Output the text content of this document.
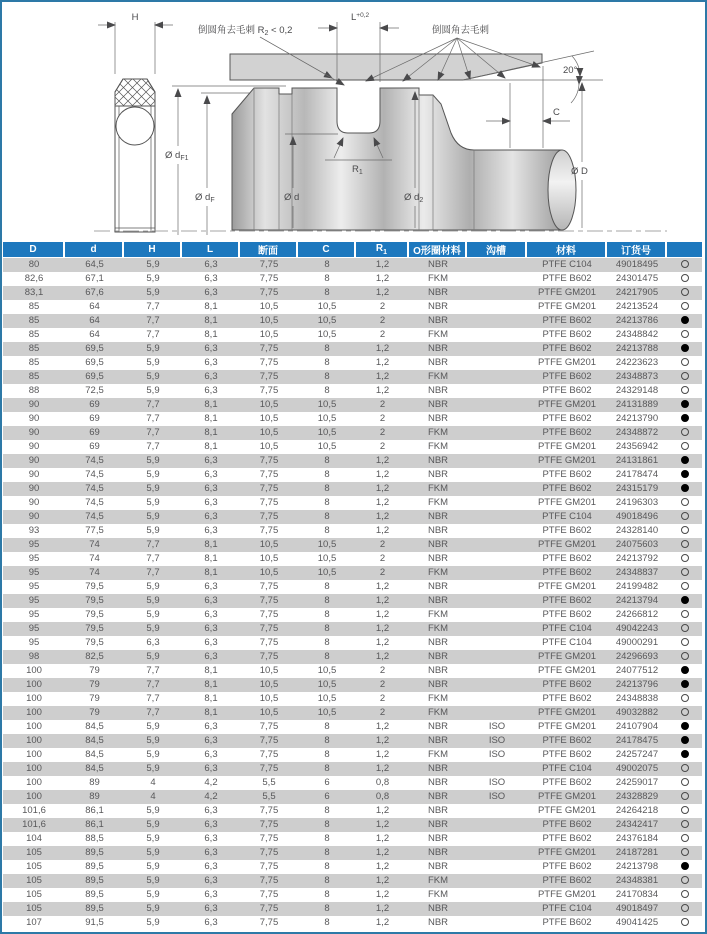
H
Ø $d_{F1}$
Ø $d_F$
20°
C
Ø D
Ø d	Ø $d_2$
$R_1$
$L^{+0,2}$
倒圆角去毛刺 $R_2 < 0,2$	倒圆角去毛刺
D	d	H	L	断面	C	$R_1$	O形圈材料	沟槽	材料	订货号	
80	64,5	5,9	6,3	7,75	8	1,2	NBR		PTFE C104	49018495	
82,6	67,1	5,9	6,3	7,75	8	1,2	FKM		PTFE B602	24301475	
83,1	67,6	5,9	6,3	7,75	8	1,2	NBR		PTFE GM201	24217905	
85	64	7,7	8,1	10,5	10,5	2	NBR		PTFE GM201	24213524	
85	64	7,7	8,1	10,5	10,5	2	NBR		PTFE B602	24213786	
85	64	7,7	8,1	10,5	10,5	2	FKM		PTFE B602	24348842	
85	69,5	5,9	6,3	7,75	8	1,2	NBR		PTFE B602	24213788	
85	69,5	5,9	6,3	7,75	8	1,2	NBR		PTFE GM201	24223623	
85	69,5	5,9	6,3	7,75	8	1,2	FKM		PTFE B602	24348873	
88	72,5	5,9	6,3	7,75	8	1,2	NBR		PTFE B602	24329148	
90	69	7,7	8,1	10,5	10,5	2	NBR		PTFE GM201	24131889	
90	69	7,7	8,1	10,5	10,5	2	NBR		PTFE B602	24213790	
90	69	7,7	8,1	10,5	10,5	2	FKM		PTFE B602	24348872	
90	69	7,7	8,1	10,5	10,5	2	FKM		PTFE GM201	24356942	
90	74,5	5,9	6,3	7,75	8	1,2	NBR		PTFE GM201	24131861	
90	74,5	5,9	6,3	7,75	8	1,2	NBR		PTFE B602	24178474	
90	74,5	5,9	6,3	7,75	8	1,2	FKM		PTFE B602	24315179	
90	74,5	5,9	6,3	7,75	8	1,2	FKM		PTFE GM201	24196303	
90	74,5	5,9	6,3	7,75	8	1,2	NBR		PTFE C104	49018496	
93	77,5	5,9	6,3	7,75	8	1,2	NBR		PTFE B602	24328140	
95	74	7,7	8,1	10,5	10,5	2	NBR		PTFE GM201	24075603	
95	74	7,7	8,1	10,5	10,5	2	NBR		PTFE B602	24213792	
95	74	7,7	8,1	10,5	10,5	2	FKM		PTFE B602	24348837	
95	79,5	5,9	6,3	7,75	8	1,2	NBR		PTFE GM201	24199482	
95	79,5	5,9	6,3	7,75	8	1,2	NBR		PTFE B602	24213794	
95	79,5	5,9	6,3	7,75	8	1,2	FKM		PTFE B602	24266812	
95	79,5	5,9	6,3	7,75	8	1,2	FKM		PTFE C104	49042243	
95	79,5	6,3	6,3	7,75	8	1,2	NBR		PTFE C104	49000291	
98	82,5	5,9	6,3	7,75	8	1,2	NBR		PTFE GM201	24296693	
100	79	7,7	8,1	10,5	10,5	2	NBR		PTFE GM201	24077512	
100	79	7,7	8,1	10,5	10,5	2	NBR		PTFE B602	24213796	
100	79	7,7	8,1	10,5	10,5	2	FKM		PTFE B602	24348838	
100	79	7,7	8,1	10,5	10,5	2	FKM		PTFE GM201	49032882	
100	84,5	5,9	6,3	7,75	8	1,2	NBR	ISO	PTFE GM201	24107904	
100	84,5	5,9	6,3	7,75	8	1,2	NBR	ISO	PTFE B602	24178475	
100	84,5	5,9	6,3	7,75	8	1,2	FKM	ISO	PTFE B602	24257247	
100	84,5	5,9	6,3	7,75	8	1,2	NBR		PTFE C104	49002075	
100	89	4	4,2	5,5	6	0,8	NBR	ISO	PTFE B602	24259017	
100	89	4	4,2	5,5	6	0,8	NBR	ISO	PTFE GM201	24328829	
101,6	86,1	5,9	6,3	7,75	8	1,2	NBR		PTFE GM201	24264218	
101,6	86,1	5,9	6,3	7,75	8	1,2	NBR		PTFE B602	24342417	
104	88,5	5,9	6,3	7,75	8	1,2	NBR		PTFE B602	24376184	
105	89,5	5,9	6,3	7,75	8	1,2	NBR		PTFE GM201	24187281	
105	89,5	5,9	6,3	7,75	8	1,2	NBR		PTFE B602	24213798	
105	89,5	5,9	6,3	7,75	8	1,2	FKM		PTFE B602	24348381	
105	89,5	5,9	6,3	7,75	8	1,2	FKM		PTFE GM201	24170834	
105	89,5	5,9	6,3	7,75	8	1,2	NBR		PTFE C104	49018497	
107	91,5	5,9	6,3	7,75	8	1,2	NBR		PTFE B602	49041425	
